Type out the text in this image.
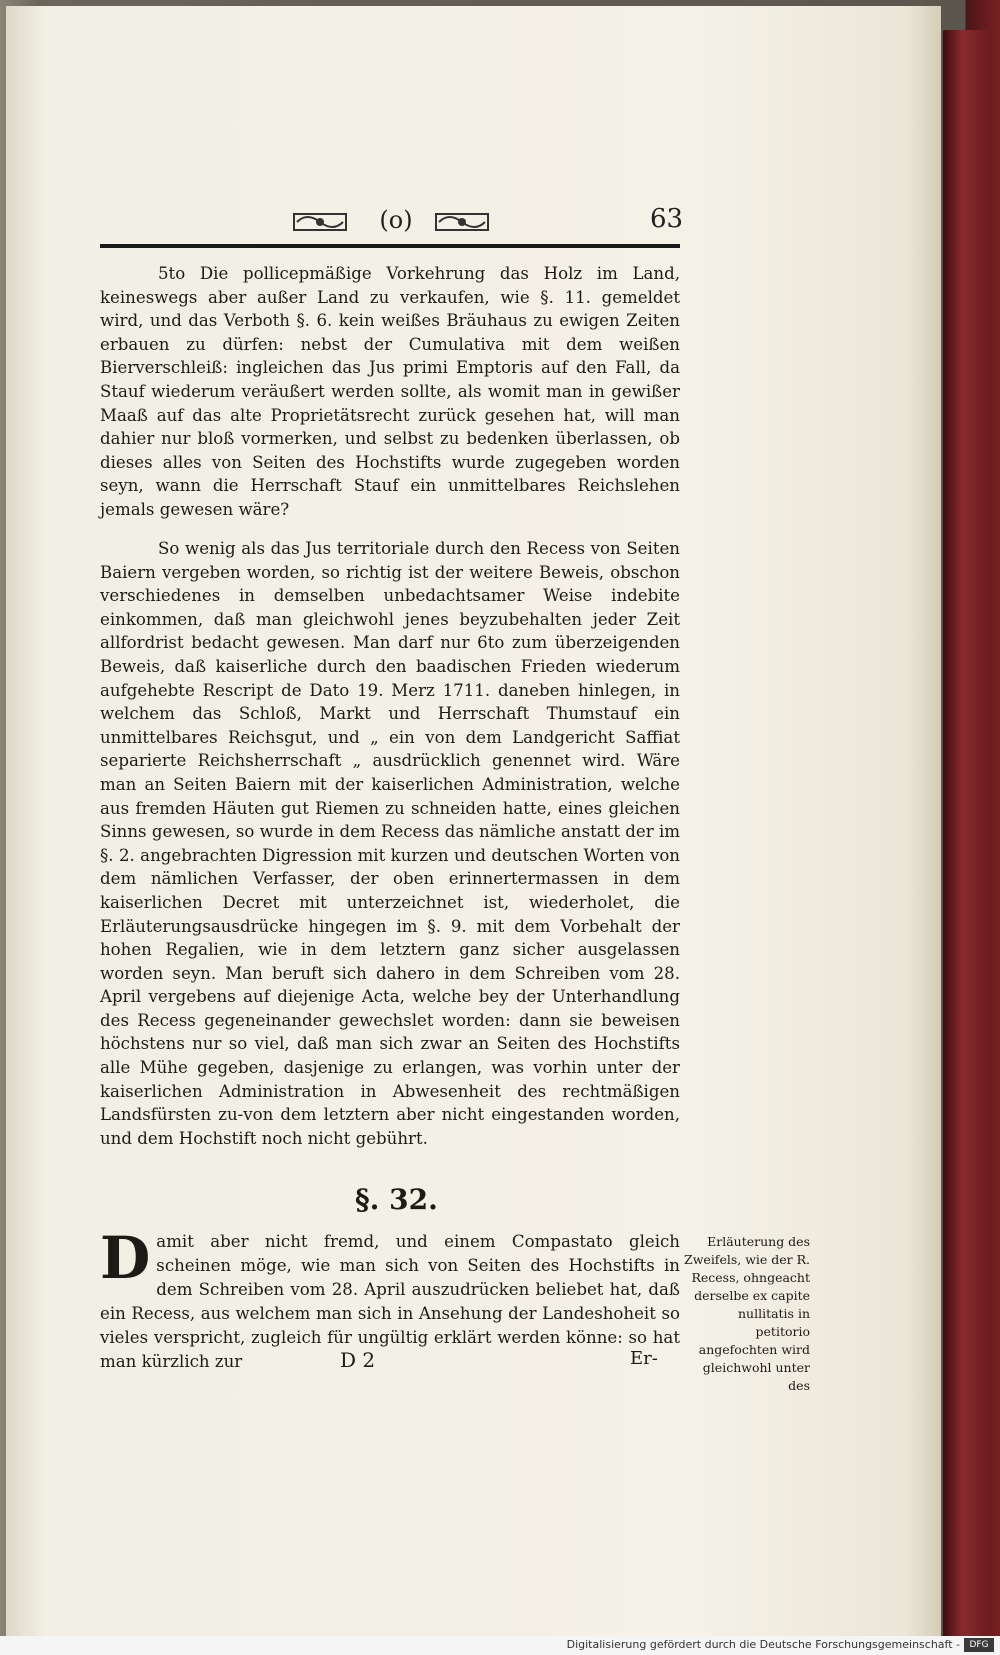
(o)	63

5to Die pollicepmäßige Vorkehrung das Holz im Land, keineswegs aber außer Land zu verkaufen, wie §. 11. gemeldet wird, und das Verboth §. 6. kein weißes Bräuhaus zu ewigen Zeiten erbauen zu dürfen: nebst der Cumulativa mit dem weißen Bierverschleiß: ingleichen das Jus primi Emptoris auf den Fall, da Stauf wiederum veräußert werden sollte, als womit man in gewißer Maaß auf das alte Proprietätsrecht zurück gesehen hat, will man dahier nur bloß vormerken, und selbst zu bedenken überlassen, ob dieses alles von Seiten des Hochstifts wurde zugegeben worden seyn, wann die Herrschaft Stauf ein unmittelbares Reichslehen jemals gewesen wäre?

So wenig als das Jus territoriale durch den Recess von Seiten Baiern vergeben worden, so richtig ist der weitere Beweis, obschon verschiedenes in demselben unbedachtsamer Weise indebite einkommen, daß man gleichwohl jenes beyzubehalten jeder Zeit allfordrist bedacht gewesen. Man darf nur 6to zum überzeigenden Beweis, daß kaiserliche durch den baadischen Frieden wiederum aufgehebte Rescript de Dato 19. Merz 1711. daneben hinlegen, in welchem das Schloß, Markt und Herrschaft Thumstauf ein unmittelbares Reichsgut, und „ ein von dem Landgericht Saffiat separierte Reichsherrschaft „ ausdrücklich genennet wird. Wäre man an Seiten Baiern mit der kaiserlichen Administration, welche aus fremden Häuten gut Riemen zu schneiden hatte, eines gleichen Sinns gewesen, so wurde in dem Recess das nämliche anstatt der im §. 2. angebrachten Digression mit kurzen und deutschen Worten von dem nämlichen Verfasser, der oben erinnertermassen in dem kaiserlichen Decret mit unterzeichnet ist, wiederholet, die Erläuterungsausdrücke hingegen im §. 9. mit dem Vorbehalt der hohen Regalien, wie in dem letztern ganz sicher ausgelassen worden seyn. Man beruft sich dahero in dem Schreiben vom 28. April vergebens auf diejenige Acta, welche bey der Unterhandlung des Recess gegeneinander gewechslet worden: dann sie beweisen höchstens nur so viel, daß man sich zwar an Seiten des Hochstifts alle Mühe gegeben, dasjenige zu erlangen, was vorhin unter der kaiserlichen Administration in Abwesenheit des rechtmäßigen Landsfürsten zu-von dem letztern aber nicht eingestanden worden, und dem Hochstift noch nicht gebührt.

§. 32.

Damit aber nicht fremd, und einem Compastato gleich scheinen möge, wie man sich von Seiten des Hochstifts in dem Schreiben vom 28. April auszudrücken beliebet hat, daß ein Recess, aus welchem man sich in Ansehung der Landeshoheit so vieles verspricht, zugleich für ungültig erklärt werden könne: so hat man kürzlich zur

Erläuterung des Zweifels, wie der R. Recess, ohngeacht derselbe ex capite nullitatis in petitorio angefochten wird gleichwohl unter des
D 2	Er-
Digitalisierung gefördert durch die Deutsche Forschungsgemeinschaft -	DFG
